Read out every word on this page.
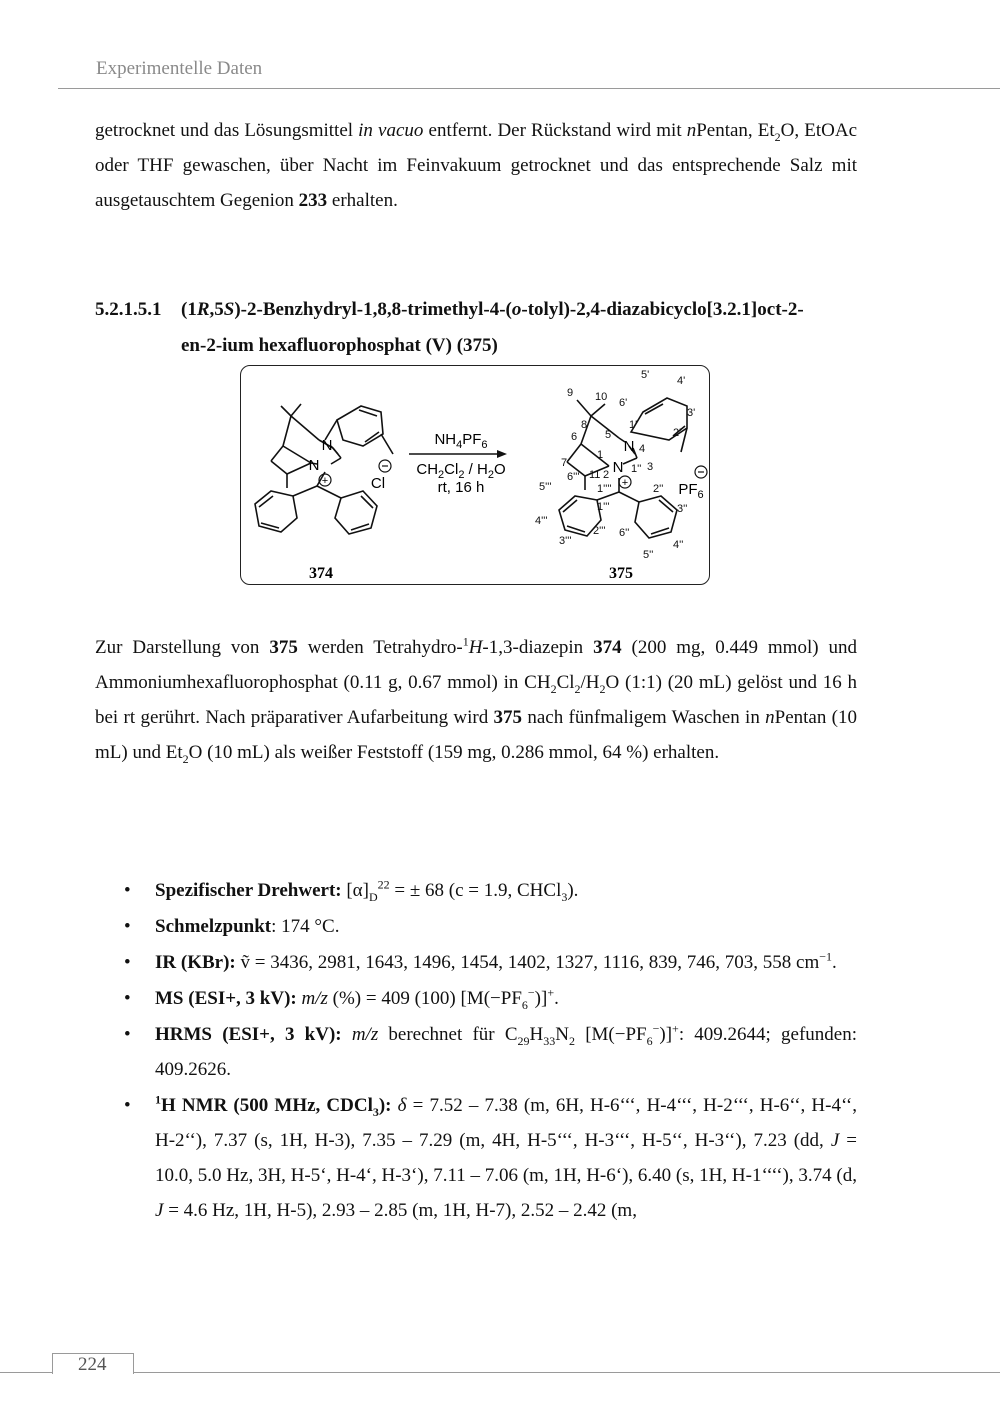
Experimentelle Daten

getrocknet und das Lösungsmittel in vacuo entfernt. Der Rückstand wird mit nPentan, $Et_2O$, EtOAc oder THF gewaschen, über Nacht im Feinvakuum getrocknet und das entsprechende Salz mit ausgetauschtem Gegenion 233 erhalten.

5.2.1.5.1 (1R,5S)-2-Benzhydryl-1,8,8-trimethyl-4-(o-tolyl)-2,4-diazabicyclo[3.2.1]oct-2-
en-2-ium hexafluorophosphat (V) (375)
N
N
+	Cl
$NH_4PF_6$
$CH_2Cl_2 / H_2O$
rt, 16 h
N
N
+	$PF_6$
9 10
5'	4'
6'
8
6	5
1'
3'
2'
4
7
1
2
3
5'''
6''' 11
1''''
1''
2''
1'''	3''
4'''
2''' 6''
3'''
5''
4''
374	375

Zur Darstellung von 375 werden Tetrahydro-$^1$H-1,3-diazepin 374 (200 mg, 0.449 mmol) und Ammoniumhexafluorophosphat (0.11 g, 0.67 mmol) in $CH_2Cl_2/H_2O$ (1:1) (20 mL) gelöst und 16 h bei rt gerührt. Nach präparativer Aufarbeitung wird 375 nach fünfmaligem Waschen in nPentan (10 mL) und $Et_2O$ (10 mL) als weißer Feststoff (159 mg, 0.286 mmol, 64 %) erhalten.

• Spezifischer Drehwert: $[\alpha]_D^{22}$ = ± 68 (c = 1.9, CHCl$_3$).
• Schmelzpunkt: 174 °C.
• IR (KBr): ṽ = 3436, 2981, 1643, 1496, 1454, 1402, 1327, 1116, 839, 746, 703, 558 $cm^{-1}$.
• MS (ESI+, 3 kV): m/z (%) = 409 (100) $[M(-PF_6^-)]^+$.
• HRMS (ESI+, 3 kV): m/z berechnet für $C_{29}H_{33}N_2$ $[M(-PF_6^-)]^+$: 409.2644; gefunden: 409.2626.
• $^1$H NMR (500 MHz, CDCl$_3$): δ = 7.52 – 7.38 (m, 6H, H-6‘‘‘, H-4‘‘‘, H-2‘‘‘, H-6‘‘, H-4‘‘, H-2‘‘), 7.37 (s, 1H, H-3), 7.35 – 7.29 (m, 4H, H-5‘‘‘, H-3‘‘‘, H-5‘‘, H-3‘‘), 7.23 (dd, J = 10.0, 5.0 Hz, 3H, H-5‘, H-4‘, H-3‘), 7.11 – 7.06 (m, 1H, H-6‘), 6.40 (s, 1H, H-1‘‘‘‘), 3.74 (d, J = 4.6 Hz, 1H, H-5), 2.93 – 2.85 (m, 1H, H-7), 2.52 – 2.42 (m,
224
